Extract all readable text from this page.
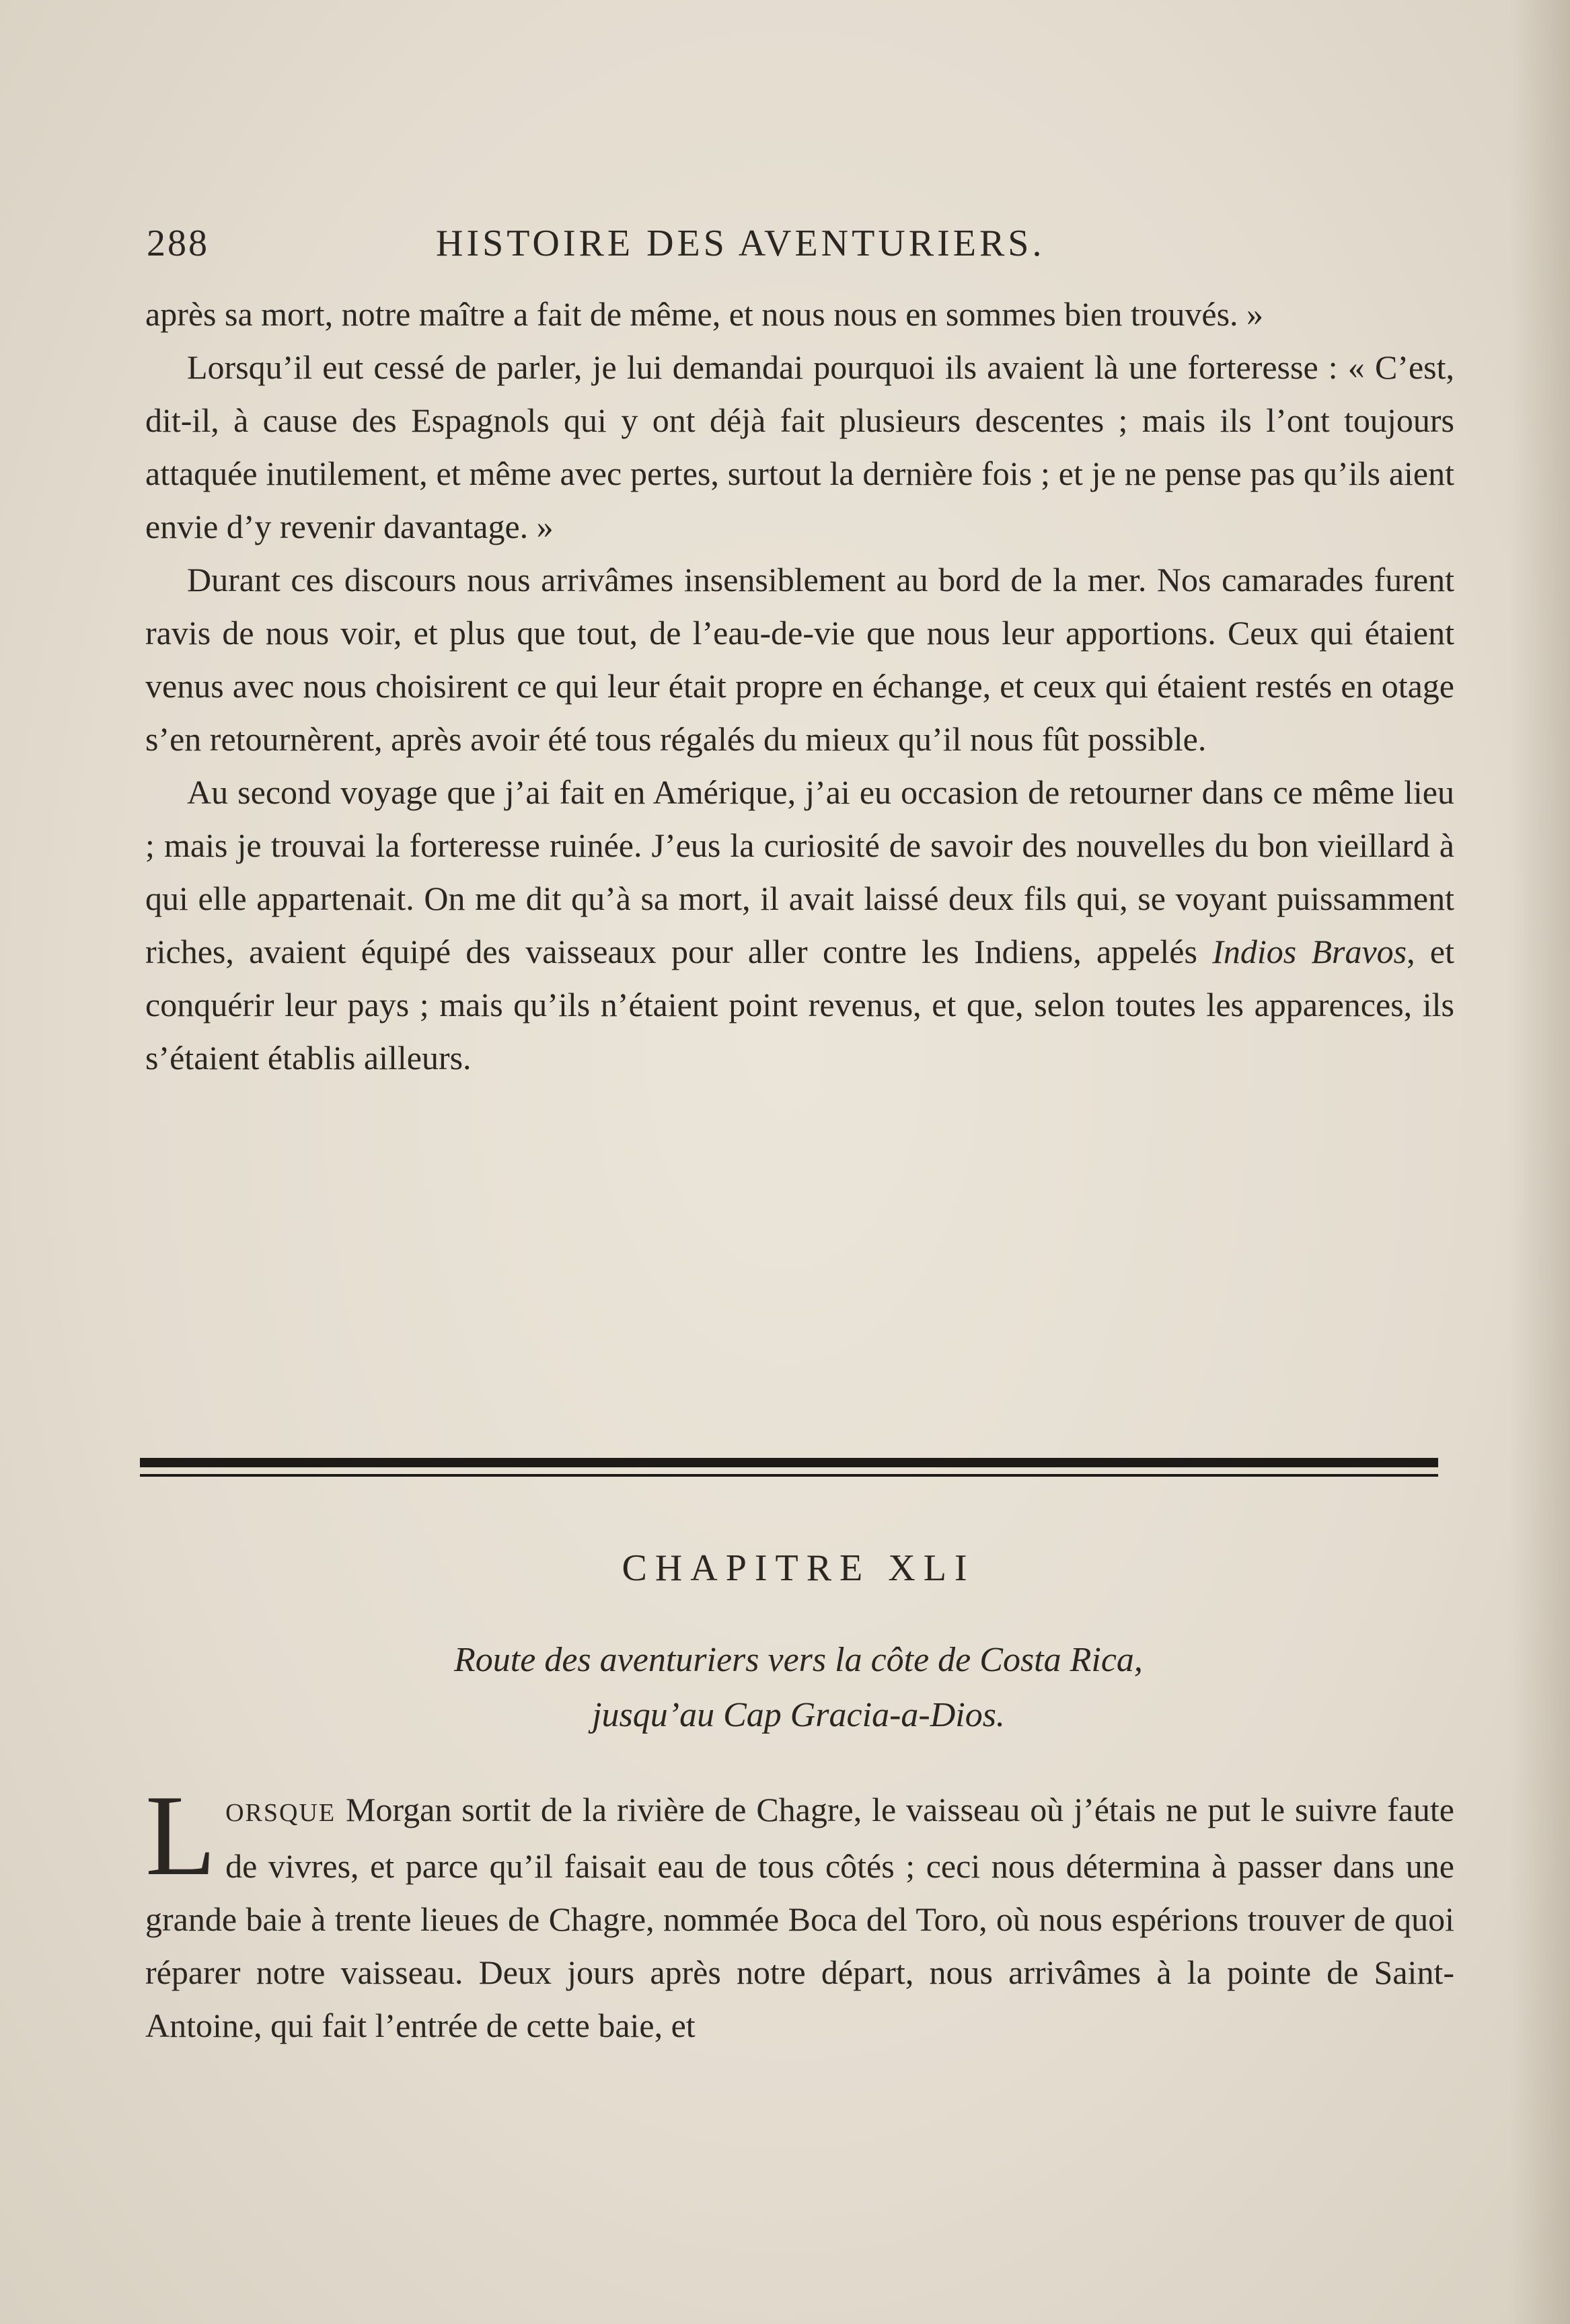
288	HISTOIRE DES AVENTURIERS.

après sa mort, notre maître a fait de même, et nous nous en sommes bien trouvés. »

Lorsqu’il eut cessé de parler, je lui demandai pourquoi ils avaient là une forteresse : « C’est, dit-il, à cause des Espagnols qui y ont déjà fait plusieurs descentes ; mais ils l’ont toujours attaquée inutilement, et même avec pertes, surtout la dernière fois ; et je ne pense pas qu’ils aient envie d’y revenir davantage. »

Durant ces discours nous arrivâmes insensiblement au bord de la mer. Nos camarades furent ravis de nous voir, et plus que tout, de l’eau-de-vie que nous leur apportions. Ceux qui étaient venus avec nous choisirent ce qui leur était propre en échange, et ceux qui étaient restés en otage s’en retournèrent, après avoir été tous régalés du mieux qu’il nous fût possible.

Au second voyage que j’ai fait en Amérique, j’ai eu occasion de retourner dans ce même lieu ; mais je trouvai la forteresse ruinée. J’eus la curiosité de savoir des nouvelles du bon vieillard à qui elle appartenait. On me dit qu’à sa mort, il avait laissé deux fils qui, se voyant puissamment riches, avaient équipé des vaisseaux pour aller contre les Indiens, appelés Indios Bravos, et conquérir leur pays ; mais qu’ils n’étaient point revenus, et que, selon toutes les apparences, ils s’étaient établis ailleurs.

CHAPITRE XLI
Route des aventuriers vers la côte de Costa Rica,
jusqu’au Cap Gracia-a-Dios.

LORSQUE Morgan sortit de la rivière de Chagre, le vaisseau où j’étais ne put le suivre faute de vivres, et parce qu’il faisait eau de tous côtés ; ceci nous détermina à passer dans une grande baie à trente lieues de Chagre, nommée Boca del Toro, où nous espérions trouver de quoi réparer notre vaisseau. Deux jours après notre départ, nous arrivâmes à la pointe de Saint-Antoine, qui fait l’entrée de cette baie, et
